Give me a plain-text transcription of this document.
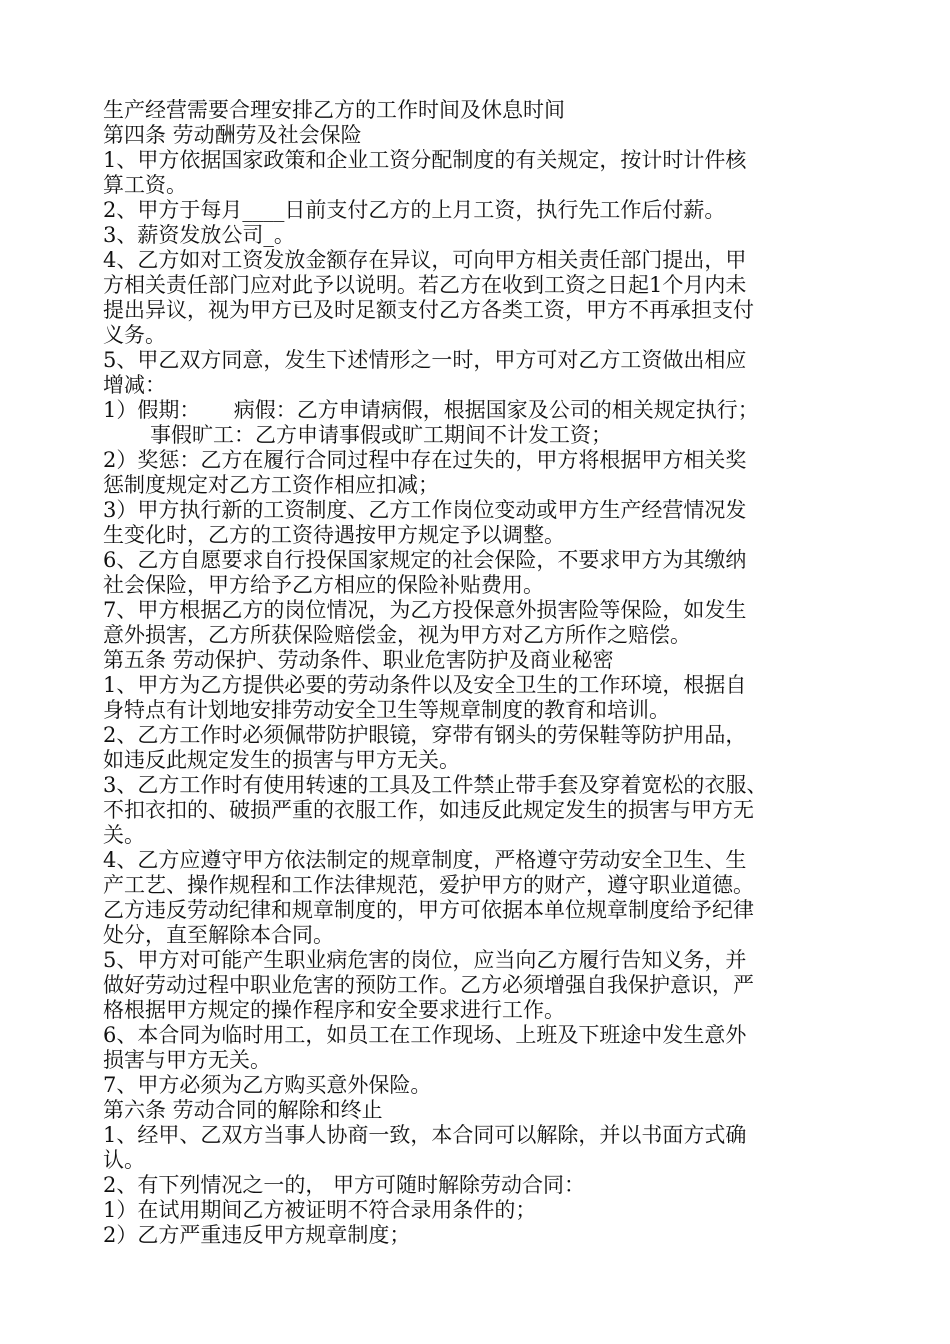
生产经营需要合理安排乙方的工作时间及休息时间
第四条 劳动酬劳及社会保险
1、甲方依据国家政策和企业工资分配制度的有关规定，按计时计件核
算工资。
2、甲方于每月____日前支付乙方的上月工资，执行先工作后付薪。
3、薪资发放公司_。
4、乙方如对工资发放金额存在异议，可向甲方相关责任部门提出，甲
方相关责任部门应对此予以说明。若乙方在收到工资之日起1个月内未
提出异议，视为甲方已及时足额支付乙方各类工资，甲方不再承担支付
义务。
5、甲乙双方同意，发生下述情形之一时，甲方可对乙方工资做出相应
增减：
1）假期：     病假：乙方申请病假，根据国家及公司的相关规定执行；
事假旷工：乙方申请事假或旷工期间不计发工资；
2）奖惩：乙方在履行合同过程中存在过失的，甲方将根据甲方相关奖
惩制度规定对乙方工资作相应扣减；
3）甲方执行新的工资制度、乙方工作岗位变动或甲方生产经营情况发
生变化时，乙方的工资待遇按甲方规定予以调整。
6、乙方自愿要求自行投保国家规定的社会保险，不要求甲方为其缴纳
社会保险，甲方给予乙方相应的保险补贴费用。
7、甲方根据乙方的岗位情况，为乙方投保意外损害险等保险，如发生
意外损害，乙方所获保险赔偿金，视为甲方对乙方所作之赔偿。
第五条 劳动保护、劳动条件、职业危害防护及商业秘密
1、甲方为乙方提供必要的劳动条件以及安全卫生的工作环境，根据自
身特点有计划地安排劳动安全卫生等规章制度的教育和培训。
2、乙方工作时必须佩带防护眼镜，穿带有钢头的劳保鞋等防护用品，
如违反此规定发生的损害与甲方无关。
3、乙方工作时有使用转速的工具及工件禁止带手套及穿着宽松的衣服、
不扣衣扣的、破损严重的衣服工作，如违反此规定发生的损害与甲方无
关。
4、乙方应遵守甲方依法制定的规章制度，严格遵守劳动安全卫生、生
产工艺、操作规程和工作法律规范，爱护甲方的财产，遵守职业道德。
乙方违反劳动纪律和规章制度的，甲方可依据本单位规章制度给予纪律
处分，直至解除本合同。
5、甲方对可能产生职业病危害的岗位，应当向乙方履行告知义务，并
做好劳动过程中职业危害的预防工作。乙方必须增强自我保护意识，严
格根据甲方规定的操作程序和安全要求进行工作。
6、本合同为临时用工，如员工在工作现场、上班及下班途中发生意外
损害与甲方无关。
7、甲方必须为乙方购买意外保险。
第六条 劳动合同的解除和终止
1、经甲、乙双方当事人协商一致，本合同可以解除，并以书面方式确
认。
2、有下列情况之一的， 甲方可随时解除劳动合同：
1）在试用期间乙方被证明不符合录用条件的；
2）乙方严重违反甲方规章制度；
